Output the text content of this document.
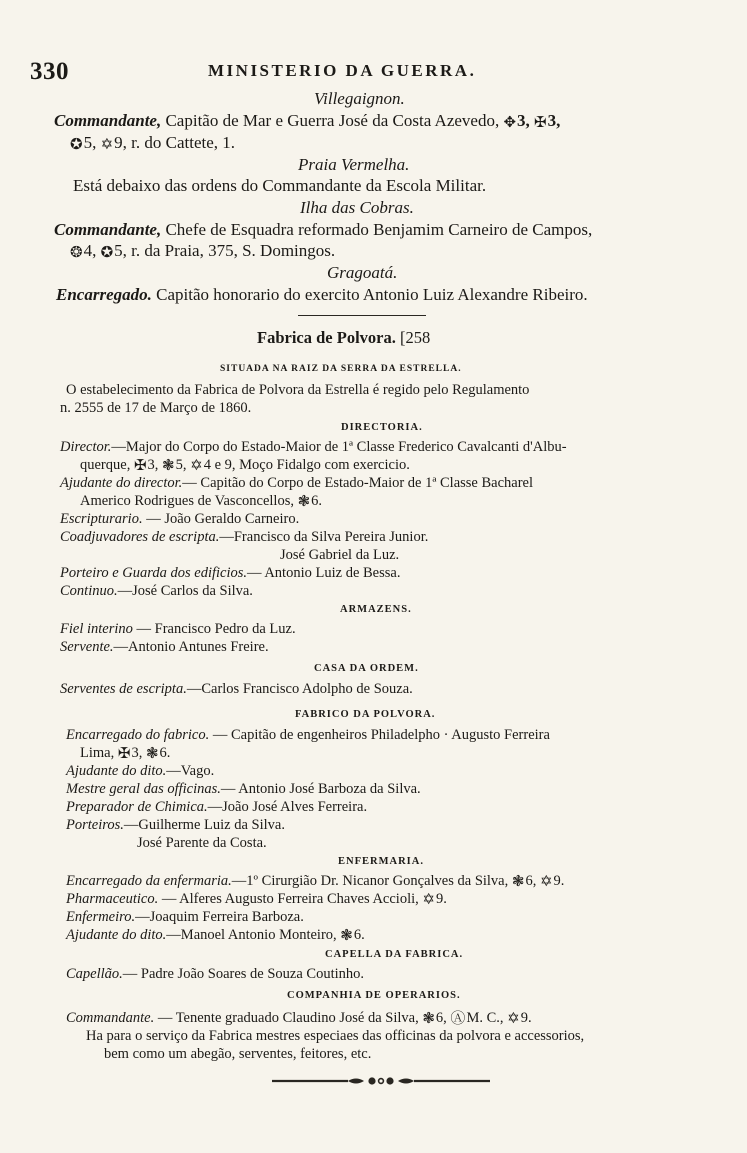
330	MINISTERIO DA GUERRA.
Villegaignon.
Commandante, Capitão de Mar e Guerra José da Costa Azevedo, ✥3, ✠3,
✪5, ✡9, r. do Cattete, 1.
Praia Vermelha.
Está debaixo das ordens do Commandante da Escola Militar.
Ilha das Cobras.
Commandante, Chefe de Esquadra reformado Benjamim Carneiro de Campos,
❂4, ✪5, r. da Praia, 375, S. Domingos.
Gragoatá.
Encarregado. Capitão honorario do exercito Antonio Luiz Alexandre Ribeiro.
Fabrica de Polvora. [258
SITUADA NA RAIZ DA SERRA DA ESTRELLA.
O estabelecimento da Fabrica de Polvora da Estrella é regido pelo Regulamento
n. 2555 de 17 de Março de 1860.
DIRECTORIA.
Director.—Major do Corpo do Estado-Maior de 1ª Classe Frederico Cavalcanti d'Albu-
querque, ✠3, ❃5, ✡4 e 9, Moço Fidalgo com exercicio.
Ajudante do director.— Capitão do Corpo de Estado-Maior de 1ª Classe Bacharel
Americo Rodrigues de Vasconcellos, ❃6.
Escripturario. — João Geraldo Carneiro.
Coadjuvadores de escripta.—Francisco da Silva Pereira Junior.
José Gabriel da Luz.
Porteiro e Guarda dos edificios.— Antonio Luiz de Bessa.
Continuo.—José Carlos da Silva.
ARMAZENS.
Fiel interino — Francisco Pedro da Luz.
Servente.—Antonio Antunes Freire.
CASA DA ORDEM.
Serventes de escripta.—Carlos Francisco Adolpho de Souza.
FABRICO DA POLVORA.
Encarregado do fabrico. — Capitão de engenheiros Philadelpho · Augusto Ferreira
Lima, ✠3, ❃6.
Ajudante do dito.—Vago.
Mestre geral das officinas.— Antonio José Barboza da Silva.
Preparador de Chimica.—João José Alves Ferreira.
Porteiros.—Guilherme Luiz da Silva.
José Parente da Costa.
ENFERMARIA.
Encarregado da enfermaria.—1º Cirurgião Dr. Nicanor Gonçalves da Silva, ❃6, ✡9.
Pharmaceutico. — Alferes Augusto Ferreira Chaves Accioli, ✡9.
Enfermeiro.—Joaquim Ferreira Barboza.
Ajudante do dito.—Manoel Antonio Monteiro, ❃6.
CAPELLA DA FABRICA.
Capellão.— Padre João Soares de Souza Coutinho.
COMPANHIA DE OPERARIOS.
Commandante. — Tenente graduado Claudino José da Silva, ❃6, ⒶM. C., ✡9.
Ha para o serviço da Fabrica mestres especiaes das officinas da polvora e accessorios,
bem como um abegão, serventes, feitores, etc.
